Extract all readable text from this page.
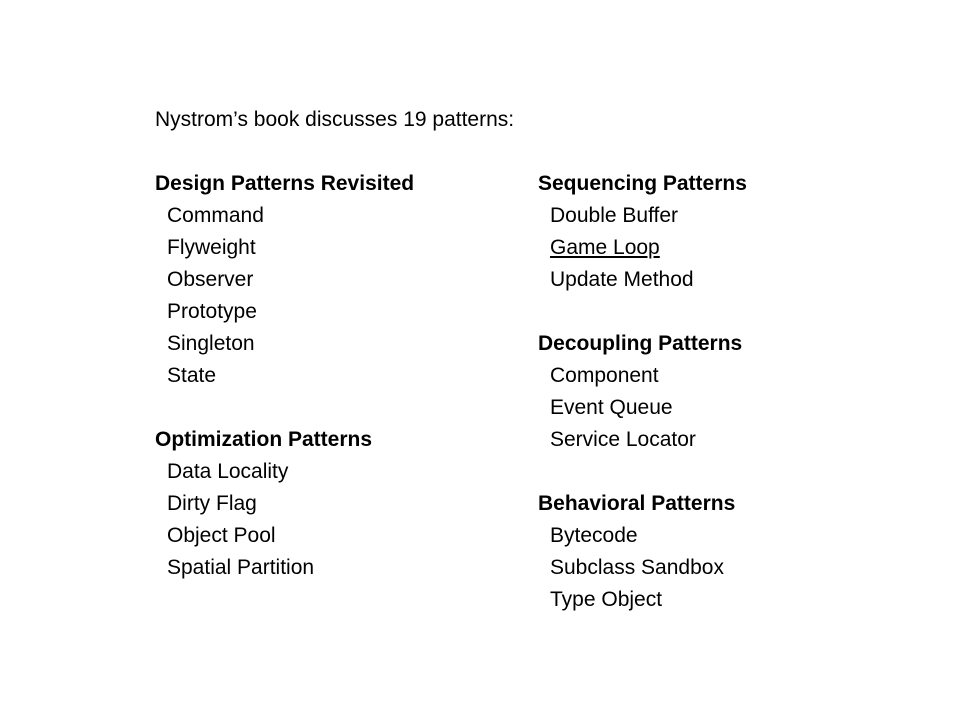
Nystrom’s book discusses 19 patterns:
Design Patterns Revisited
Command
Flyweight
Observer
Prototype
Singleton
State
Optimization Patterns
Data Locality
Dirty Flag
Object Pool
Spatial Partition
Sequencing Patterns
Double Buffer
Game Loop
Update Method
Decoupling Patterns
Component
Event Queue
Service Locator
Behavioral Patterns
Bytecode
Subclass Sandbox
Type Object
